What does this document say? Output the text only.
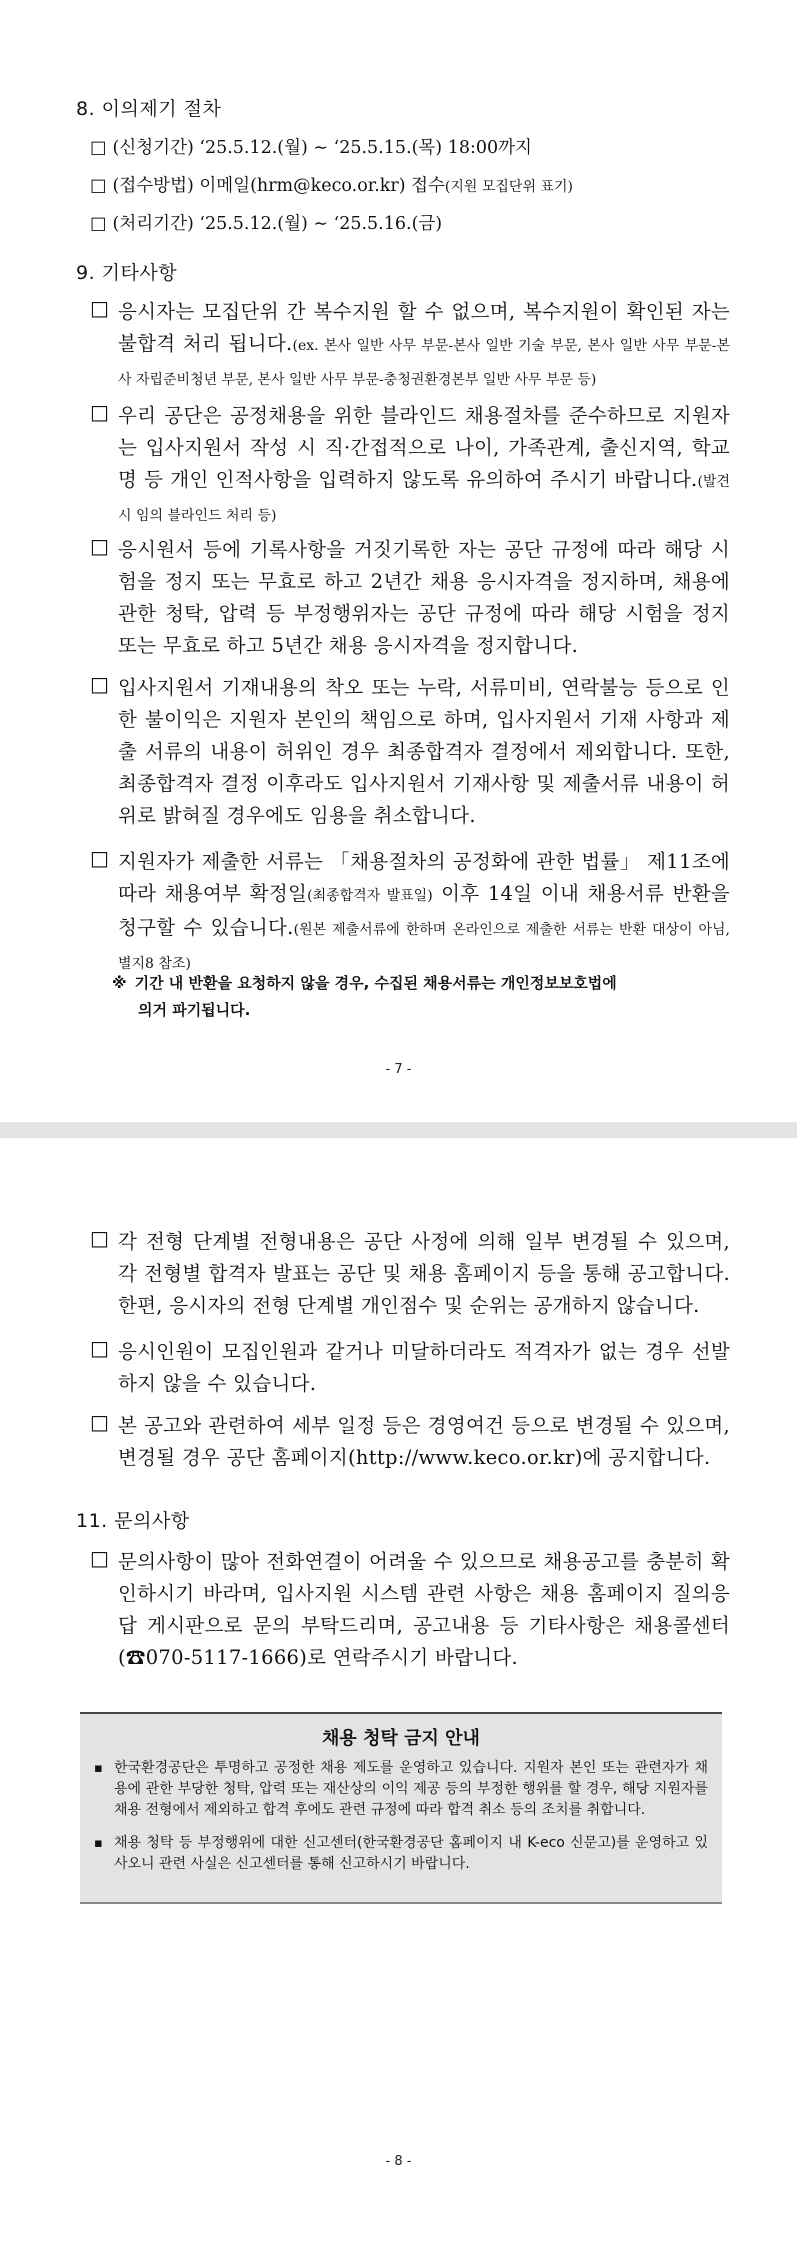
8. 이의제기 절차
□ (신청기간) ‘25.5.12.(월) ∼ ‘25.5.15.(목) 18:00까지
□ (접수방법) 이메일(hrm@keco.or.kr) 접수(지원 모집단위 표기)
□ (처리기간) ‘25.5.12.(월) ∼ ‘25.5.16.(금)
9. 기타사항
□ 응시자는 모집단위 간 복수지원 할 수 없으며, 복수지원이 확인된 자는 불합격 처리 됩니다.(ex. 본사 일반 사무 부문-본사 일반 기술 부문, 본사 일반 사무 부문-본사 자립준비청년 부문, 본사 일반 사무 부문-충청권환경본부 일반 사무 부문 등)
□ 우리 공단은 공정채용을 위한 블라인드 채용절차를 준수하므로 지원자는 입사지원서 작성 시 직·간접적으로 나이, 가족관계, 출신지역, 학교명 등 개인 인적사항을 입력하지 않도록 유의하여 주시기 바랍니다.(발견 시 임의 블라인드 처리 등)
□ 응시원서 등에 기록사항을 거짓기록한 자는 공단 규정에 따라 해당 시험을 정지 또는 무효로 하고 2년간 채용 응시자격을 정지하며, 채용에 관한 청탁, 압력 등 부정행위자는 공단 규정에 따라 해당 시험을 정지 또는 무효로 하고 5년간 채용 응시자격을 정지합니다.
□ 입사지원서 기재내용의 착오 또는 누락, 서류미비, 연락불능 등으로 인한 불이익은 지원자 본인의 책임으로 하며, 입사지원서 기재 사항과 제출 서류의 내용이 허위인 경우 최종합격자 결정에서 제외합니다. 또한, 최종합격자 결정 이후라도 입사지원서 기재사항 및 제출서류 내용이 허위로 밝혀질 경우에도 임용을 취소합니다.
□ 지원자가 제출한 서류는 「채용절차의 공정화에 관한 법률」 제11조에 따라 채용여부 확정일(최종합격자 발표일) 이후 14일 이내 채용서류 반환을 청구할 수 있습니다.(원본 제출서류에 한하며 온라인으로 제출한 서류는 반환 대상이 아님, 별지8 참조)
※ 기간 내 반환을 요청하지 않을 경우, 수집된 채용서류는 개인정보보호법에
의거 파기됩니다.
- 7 -
□ 각 전형 단계별 전형내용은 공단 사정에 의해 일부 변경될 수 있으며, 각 전형별 합격자 발표는 공단 및 채용 홈페이지 등을 통해 공고합니다. 한편, 응시자의 전형 단계별 개인점수 및 순위는 공개하지 않습니다.
□ 응시인원이 모집인원과 같거나 미달하더라도 적격자가 없는 경우 선발하지 않을 수 있습니다.
□ 본 공고와 관련하여 세부 일정 등은 경영여건 등으로 변경될 수 있으며, 변경될 경우 공단 홈페이지(http://www.keco.or.kr)에 공지합니다.
11. 문의사항
□ 문의사항이 많아 전화연결이 어려울 수 있으므로 채용공고를 충분히 확인하시기 바라며, 입사지원 시스템 관련 사항은 채용 홈페이지 질의응답 게시판으로 문의 부탁드리며, 공고내용 등 기타사항은 채용콜센터(☎070-5117-1666)로 연락주시기 바랍니다.
채용 청탁 금지 안내
▪ 한국환경공단은 투명하고 공정한 채용 제도를 운영하고 있습니다. 지원자 본인 또는 관련자가 채용에 관한 부당한 청탁, 압력 또는 재산상의 이익 제공 등의 부정한 행위를 할 경우, 해당 지원자를 채용 전형에서 제외하고 합격 후에도 관련 규정에 따라 합격 취소 등의 조치를 취합니다.
▪ 채용 청탁 등 부정행위에 대한 신고센터(한국환경공단 홈페이지 내 K-eco 신문고)를 운영하고 있사오니 관련 사실은 신고센터를 통해 신고하시기 바랍니다.
- 8 -
